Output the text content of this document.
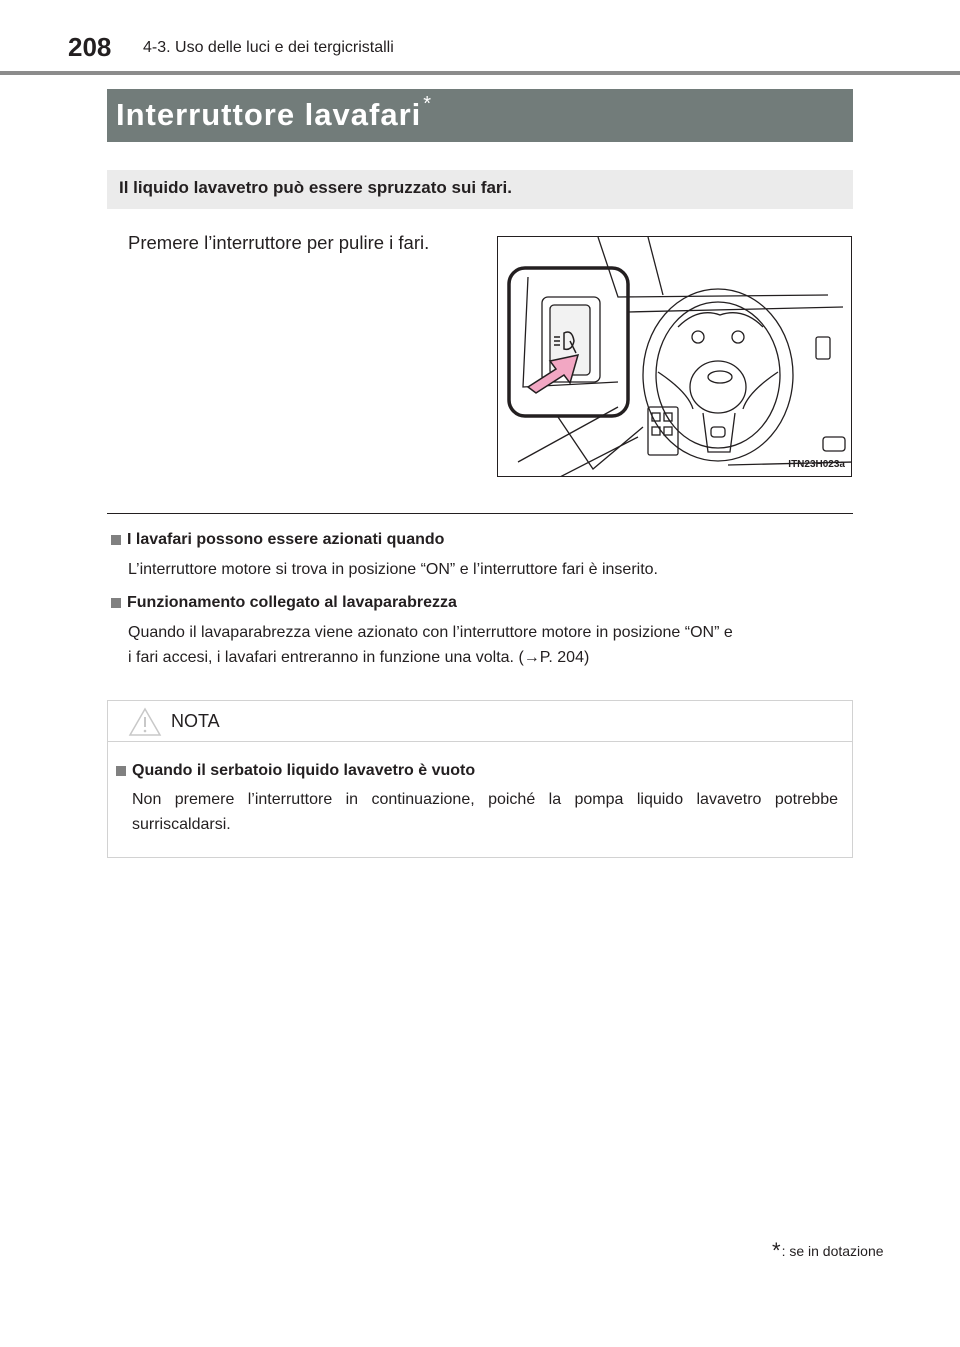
208 4-3. Uso delle luci e dei tergicristalli
Interruttore lavafari *
Il liquido lavavetro può essere spruzzato sui fari.
Premere l’interruttore per pulire i fari.
ITN23H023a
I lavafari possono essere azionati quando
L’interruttore motore si trova in posizione “ON” e l’interruttore fari è inserito.
Funzionamento collegato al lavaparabrezza
Quando il lavaparabrezza viene azionato con l’interruttore motore in posizione “ON” e
i fari accesi, i lavafari entreranno in funzione una volta. (→P. 204)
NOTA
Quando il serbatoio liquido lavavetro è vuoto
Non premere l’interruttore in continuazione, poiché la pompa liquido lavavetro potrebbe surriscaldarsi.
* : se in dotazione
